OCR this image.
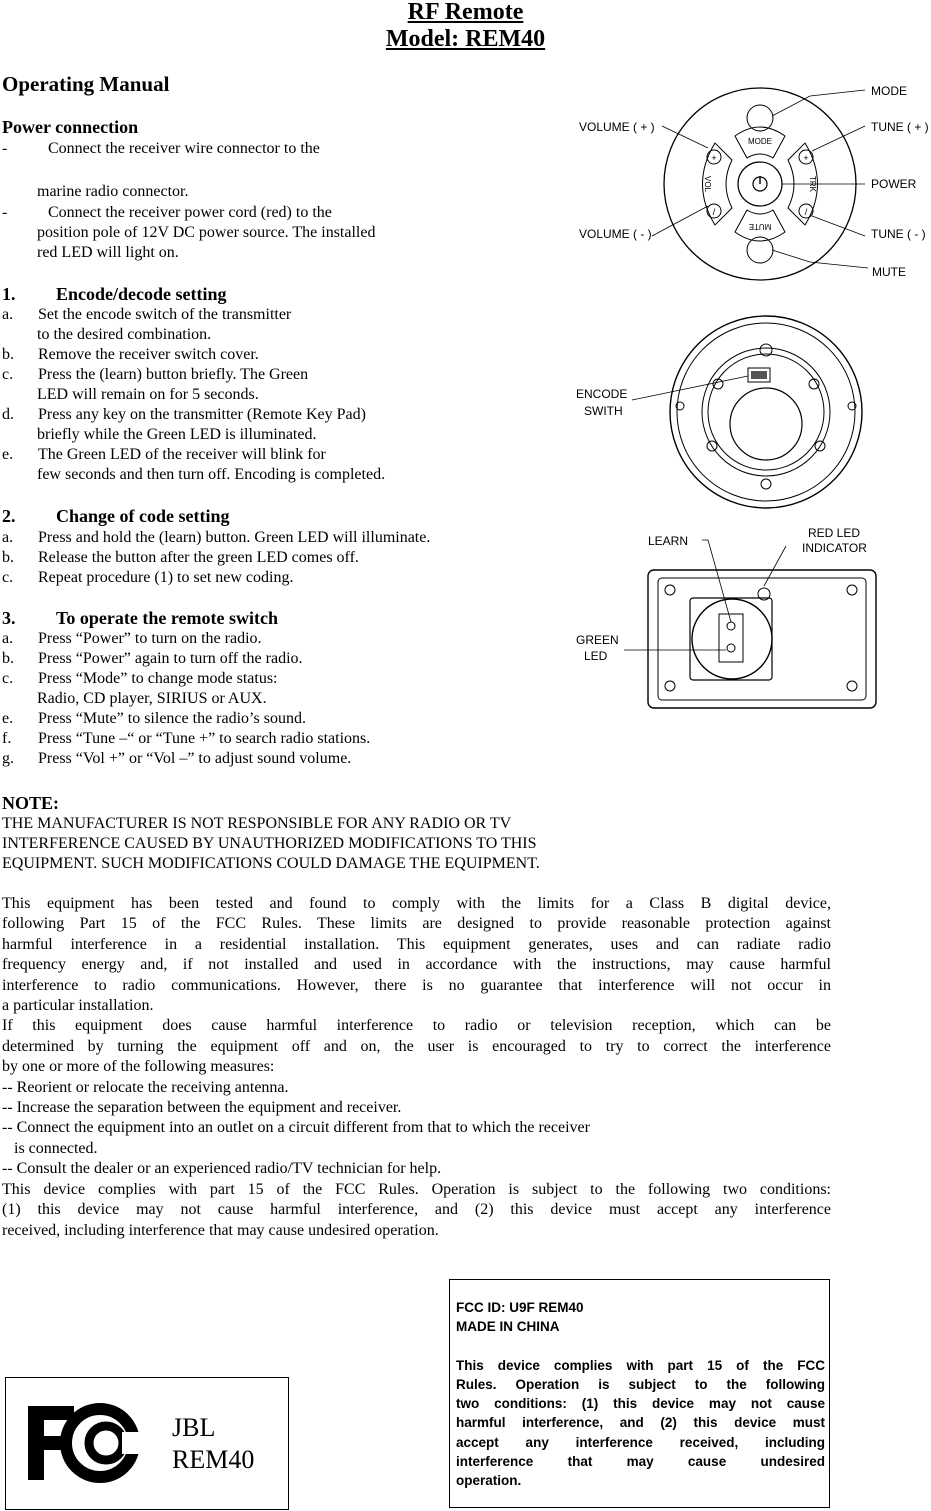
RF Remote
Model: REM40
Operating Manual
Power connection
-	Connect the receiver wire connector to the
marine radio connector.
-	Connect the receiver power cord (red) to the
position pole of 12V DC power source. The installed
red LED will light on.
1. Encode/decode setting
a. Set the encode switch of the transmitter
to the desired combination.
b. Remove the receiver switch cover.
c. Press the (learn) button briefly. The Green
LED will remain on for 5 seconds.
d. Press any key on the transmitter (Remote Key Pad)
briefly while the Green LED is illuminated.
e. The Green LED of the receiver will blink for
few seconds and then turn off. Encoding is completed.
2. Change of code setting
a. Press and hold the (learn) button. Green LED will illuminate.
b. Release the button after the green LED comes off.
c. Repeat procedure (1) to set new coding.
3. To operate the remote switch
a. Press “Power” to turn on the radio.
b. Press “Power” again to turn off the radio.
c. Press “Mode” to change mode status:
Radio, CD player, SIRIUS or AUX.
e. Press “Mute” to silence the radio’s sound.
f. Press “Tune –“ or “Tune +” to search radio stations.
g. Press “Vol +” or “Vol –” to adjust sound volume.
+	+
/	/
MODE
MUTE
VOL	TRK
VOLUME ( + )
VOLUME ( - )
MODE
TUNE ( + )
POWER
TUNE ( - )
MUTE
ENCODE
SWITH
LEARN
RED LED
INDICATOR
GREEN
LED
NOTE:
THE MANUFACTURER IS NOT RESPONSIBLE FOR ANY RADIO OR TV
INTERFERENCE CAUSED BY UNAUTHORIZED MODIFICATIONS TO THIS
EQUIPMENT. SUCH MODIFICATIONS COULD DAMAGE THE EQUIPMENT.
This equipment has been tested and found to comply with the limits for a Class B digital device,
following Part 15 of the FCC Rules. These limits are designed to provide reasonable protection against
harmful interference in a residential installation. This equipment generates, uses and can radiate radio
frequency energy and, if not installed and used in accordance with the instructions, may cause harmful
interference to radio communications. However, there is no guarantee that interference will not occur in
a particular installation.
If this equipment does cause harmful interference to radio or television reception, which can be
determined by turning the equipment off and on, the user is encouraged to try to correct the interference
by one or more of the following measures:
-- Reorient or relocate the receiving antenna.
-- Increase the separation between the equipment and receiver.
-- Connect the equipment into an outlet on a circuit different from that to which the receiver
is connected.
-- Consult the dealer or an experienced radio/TV technician for help.
This device complies with part 15 of the FCC Rules. Operation is subject to the following two conditions:
(1) this device may not cause harmful interference, and (2) this device must accept any interference
received, including interference that may cause undesired operation.
JBL
REM40

FCC ID: U9F REM40

MADE IN CHINA

This device complies with part 15 of the FCC

Rules. Operation is subject to the following

two conditions: (1) this device may not cause

harmful interference, and (2) this device must

accept any interference received, including

interference that may cause undesired

operation.
